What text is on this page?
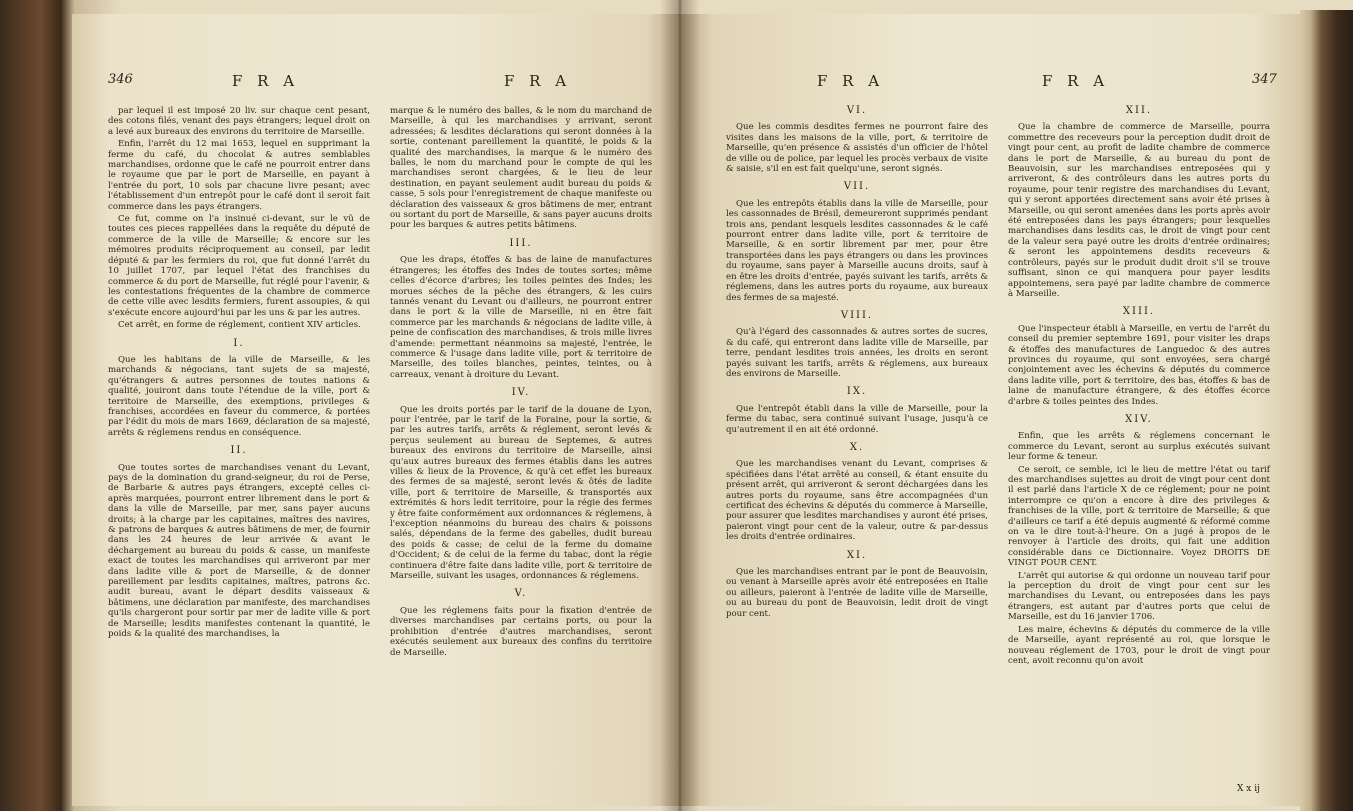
346	F R A	F R A

par lequel il est imposé 20 liv. sur chaque cent pesant, des cotons filés, venant des pays étrangers; lequel droit on a levé aux bureaux des environs du territoire de Marseille.

Enfin, l'arrêt du 12 mai 1653, lequel en supprimant la ferme du café, du chocolat & autres semblables marchandises, ordonne que le café ne pourroit entrer dans le royaume que par le port de Marseille, en payant à l'entrée du port, 10 sols par chacune livre pesant; avec l'établissement d'un entrepôt pour le café dont il seroit fait commerce dans les pays étrangers.

Ce fut, comme on l'a insinué ci-devant, sur le vû de toutes ces pieces rappellées dans la requête du député de commerce de la ville de Marseille; & encore sur les mémoires produits réciproquement au conseil, par ledit député & par les fermiers du roi, que fut donné l'arrêt du 10 juillet 1707, par lequel l'état des franchises du commerce & du port de Marseille, fut réglé pour l'avenir, & les contestations fréquentes de la chambre de commerce de cette ville avec lesdits fermiers, furent assoupies, & qui s'exécute encore aujourd'hui par les uns & par les autres.

Cet arrêt, en forme de réglement, contient XIV articles.

I.

Que les habitans de la ville de Marseille, & les marchands & négocians, tant sujets de sa majesté, qu'étrangers & autres personnes de toutes nations & qualité, jouiront dans toute l'étendue de la ville, port & territoire de Marseille, des exemptions, privileges & franchises, accordées en faveur du commerce, & portées par l'édit du mois de mars 1669, déclaration de sa majesté, arrêts & réglemens rendus en conséquence.

II.

Que toutes sortes de marchandises venant du Levant, pays de la domination du grand-seigneur, du roi de Perse, de Barbarie & autres pays étrangers, excepté celles ci-après marquées, pourront entrer librement dans le port & dans la ville de Marseille, par mer, sans payer aucuns droits; à la charge par les capitaines, maîtres des navires, & patrons de barques & autres bâtimens de mer, de fournir dans les 24 heures de leur arrivée & avant le déchargement au bureau du poids & casse, un manifeste exact de toutes les marchandises qui arriveront par mer dans ladite ville & port de Marseille, & de donner pareillement par lesdits capitaines, maîtres, patrons &c. audit bureau, avant le départ desdits vaisseaux & bâtimens, une déclaration par manifeste, des marchandises qu'ils chargeront pour sortir par mer de ladite ville & port de Marseille; lesdits manifestes contenant la quantité, le poids & la qualité des marchandises, la

marque & le numéro des balles, & le nom du marchand de Marseille, à qui les marchandises y arrivant, seront adressées; & lesdites déclarations qui seront données à la sortie, contenant pareillement la quantité, le poids & la qualité des marchandises, la marque & le numéro des balles, le nom du marchand pour le compte de qui les marchandises seront chargées, & le lieu de leur destination, en payant seulement audit bureau du poids & casse, 5 sols pour l'enregistrement de chaque manifeste ou déclaration des vaisseaux & gros bâtimens de mer, entrant ou sortant du port de Marseille, & sans payer aucuns droits pour les barques & autres petits bâtimens.

III.

Que les draps, étoffes & bas de laine de manufactures étrangeres; les étoffes des Indes de toutes sortes; même celles d'écorce d'arbres; les toiles peintes des Indes; les morues séches de la pêche des étrangers, & les cuirs tannés venant du Levant ou d'ailleurs, ne pourront entrer dans le port & la ville de Marseille, ni en être fait commerce par les marchands & négocians de ladite ville, à peine de confiscation des marchandises, & trois mille livres d'amende: permettant néanmoins sa majesté, l'entrée, le commerce & l'usage dans ladite ville, port & territoire de Marseille, des toiles blanches, peintes, teintes, ou à carreaux, venant à droiture du Levant.

IV.

Que les droits portés par le tarif de la douane de Lyon, pour l'entrée, par le tarif de la Foraine, pour la sortie, & par les autres tarifs, arrêts & réglement, seront levés & perçus seulement au bureau de Septemes, & autres bureaux des environs du territoire de Marseille, ainsi qu'aux autres bureaux des fermes établis dans les autres villes & lieux de la Provence, & qu'à cet effet les bureaux des fermes de sa majesté, seront levés & ôtés de ladite ville, port & territoire de Marseille, & transportés aux extrémités & hors ledit territoire, pour la régie des fermes y être faite conformément aux ordonnances & réglemens, à l'exception néanmoins du bureau des chairs & poissons salés, dépendans de la ferme des gabelles, dudit bureau des poids & casse; de celui de la ferme du domaine d'Occident; & de celui de la ferme du tabac, dont la régie continuera d'être faite dans ladite ville, port & territoire de Marseille, suivant les usages, ordonnances & réglemens.

V.

Que les réglemens faits pour la fixation d'entrée de diverses marchandises par certains ports, ou pour la prohibition d'entrée d'autres marchandises, seront exécutés seulement aux bureaux des confins du territoire de Marseille.

F R A	F R A	347
VI.

Que les commis desdites fermes ne pourront faire des visites dans les maisons de la ville, port, & territoire de Marseille, qu'en présence & assistés d'un officier de l'hôtel de ville ou de police, par lequel les procès verbaux de visite & saisie, s'il en est fait quelqu'une, seront signés.

VII.

Que les entrepôts établis dans la ville de Marseille, pour les cassonnades de Brésil, demeureront supprimés pendant trois ans, pendant lesquels lesdites cassonnades & le café pourront entrer dans ladite ville, port & territoire de Marseille, & en sortir librement par mer, pour être transportées dans les pays étrangers ou dans les provinces du royaume, sans payer à Marseille aucuns droits, sauf à en être les droits d'entrée, payés suivant les tarifs, arrêts & réglemens, dans les autres ports du royaume, aux bureaux des fermes de sa majesté.

VIII.

Qu'à l'égard des cassonnades & autres sortes de sucres, & du café, qui entreront dans ladite ville de Marseille, par terre, pendant lesdites trois années, les droits en seront payés suivant les tarifs, arrêts & réglemens, aux bureaux des environs de Marseille.

IX.

Que l'entrepôt établi dans la ville de Marseille, pour la ferme du tabac, sera continué suivant l'usage, jusqu'à ce qu'autrement il en ait été ordonné.

X.

Que les marchandises venant du Levant, comprises & spécifiées dans l'état arrêté au conseil, & étant ensuite du présent arrêt, qui arriveront & seront déchargées dans les autres ports du royaume, sans être accompagnées d'un certificat des échevins & députés du commerce à Marseille, pour assurer que lesdites marchandises y auront été prises, paieront vingt pour cent de la valeur, outre & par-dessus les droits d'entrée ordinaires.

XI.

Que les marchandises entrant par le pont de Beauvoisin, ou venant à Marseille après avoir été entreposées en Italie ou ailleurs, paieront à l'entrée de ladite ville de Marseille, ou au bureau du pont de Beauvoisin, ledit droit de vingt pour cent.

XII.

Que la chambre de commerce de Marseille, pourra commettre des receveurs pour la perception dudit droit de vingt pour cent, au profit de ladite chambre de commerce dans le port de Marseille, & au bureau du pont de Beauvoisin, sur les marchandises entreposées qui y arriveront, & des contrôleurs dans les autres ports du royaume, pour tenir registre des marchandises du Levant, qui y seront apportées directement sans avoir été prises à Marseille, ou qui seront amenées dans les ports après avoir été entreposées dans les pays étrangers; pour lesquelles marchandises dans lesdits cas, le droit de vingt pour cent de la valeur sera payé outre les droits d'entrée ordinaires; & seront les appointemens desdits receveurs & contrôleurs, payés sur le produit dudit droit s'il se trouve suffisant, sinon ce qui manquera pour payer lesdits appointemens, sera payé par ladite chambre de commerce à Marseille.

XIII.

Que l'inspecteur établi à Marseille, en vertu de l'arrêt du conseil du premier septembre 1691, pour visiter les draps & étoffes des manufactures de Languedoc & des autres provinces du royaume, qui sont envoyées, sera chargé conjointement avec les échevins & députés du commerce dans ladite ville, port & territoire, des bas, étoffes & bas de laine de manufacture étrangere, & des étoffes écorce d'arbre & toiles peintes des Indes.

XIV.

Enfin, que les arrêts & réglemens concernant le commerce du Levant, seront au surplus exécutés suivant leur forme & teneur.

Ce seroit, ce semble, ici le lieu de mettre l'état ou tarif des marchandises sujettes au droit de vingt pour cent dont il est parlé dans l'article X de ce réglement; pour ne point interrompre ce qu'on a encore à dire des privileges & franchises de la ville, port & territoire de Marseille; & que d'ailleurs ce tarif a été depuis augmenté & réformé comme on va le dire tout-à-l'heure. On a jugé à propos de le renvoyer à l'article des droits, qui fait une addition considérable dans ce Dictionnaire. Voyez DROITS DE VINGT POUR CENT.

L'arrêt qui autorise & qui ordonne un nouveau tarif pour la perception du droit de vingt pour cent sur les marchandises du Levant, ou entreposées dans les pays étrangers, est autant par d'autres ports que celui de Marseille, est du 16 janvier 1706.

Les maire, échevins & députés du commerce de la ville de Marseille, ayant représenté au roi, que lorsque le nouveau réglement de 1703, pour le droit de vingt pour cent, avoit reconnu qu'on avoit

X x ij
